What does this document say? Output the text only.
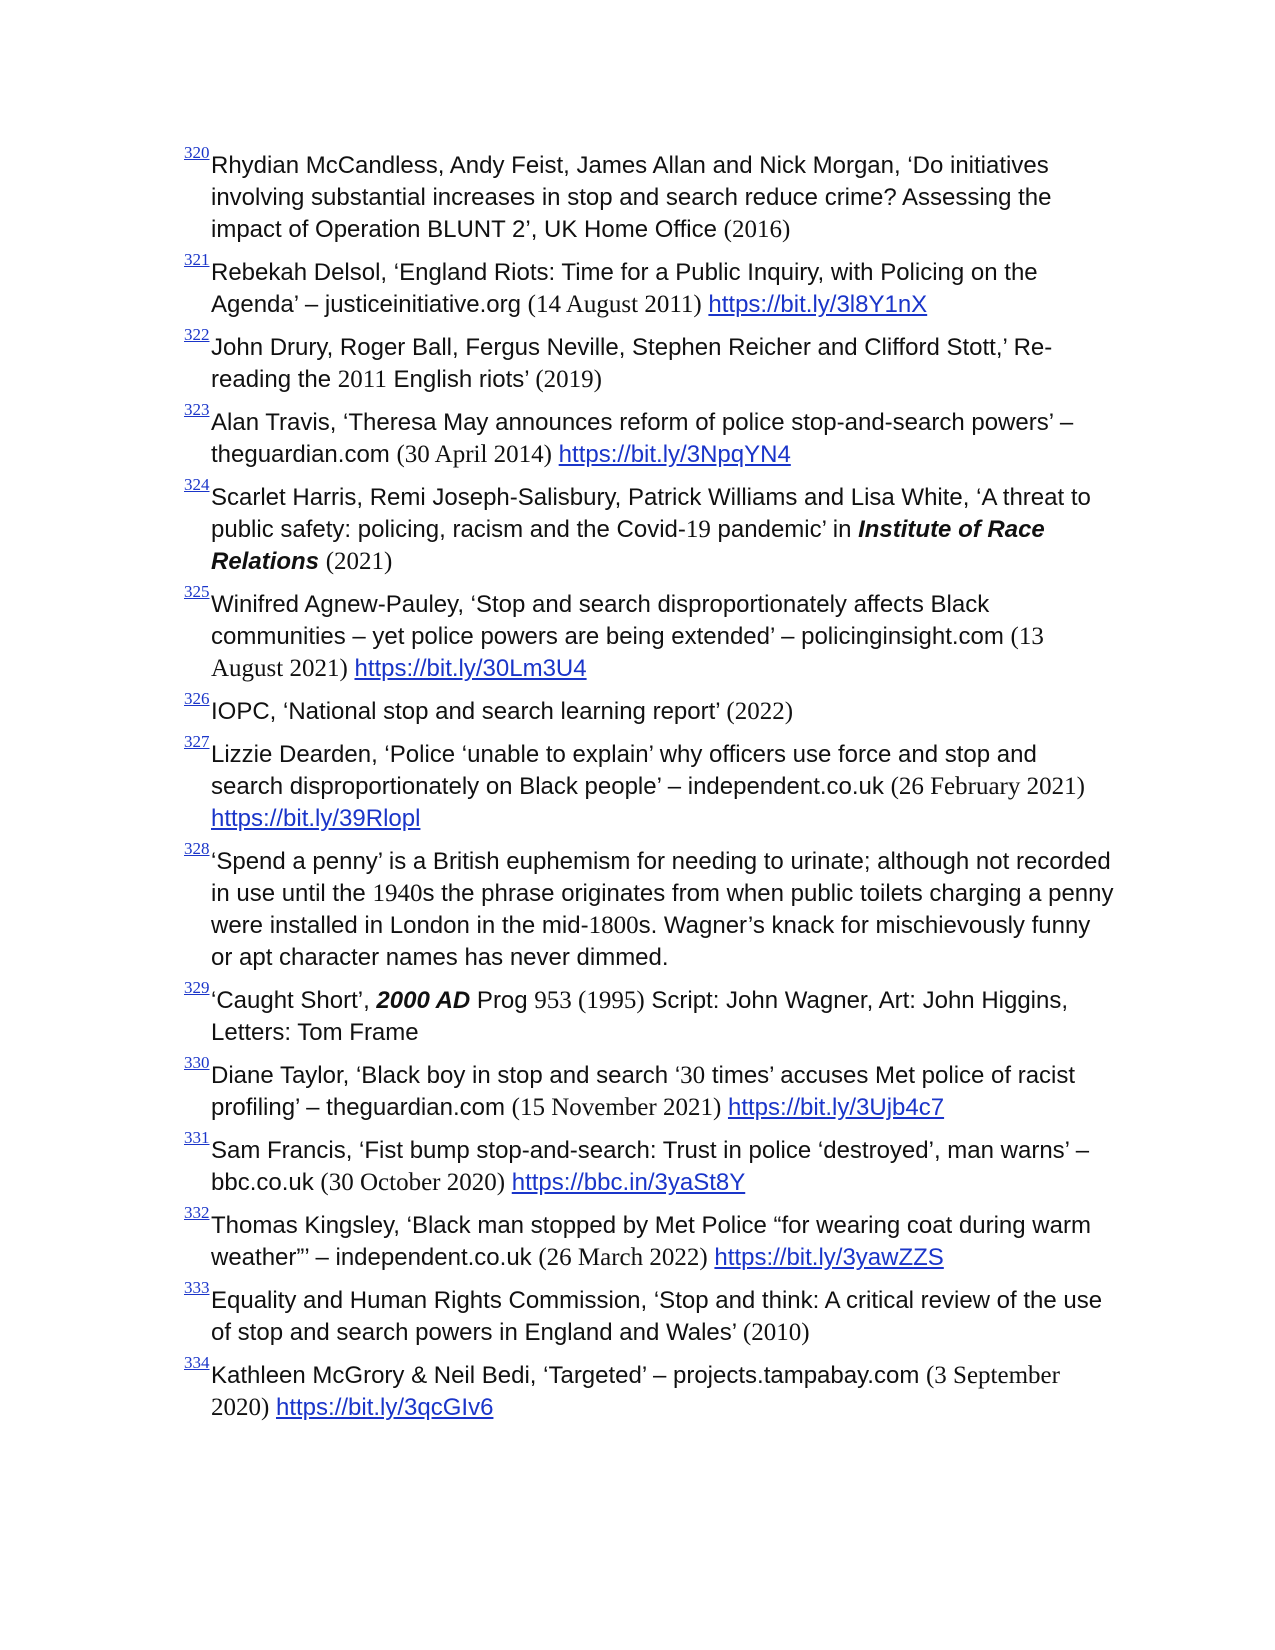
320 Rhydian McCandless, Andy Feist, James Allan and Nick Morgan, ‘Do initiatives involving substantial increases in stop and search reduce crime? Assessing the impact of Operation BLUNT 2’, UK Home Office (2016)
321 Rebekah Delsol, ‘England Riots: Time for a Public Inquiry, with Policing on the Agenda’ – justiceinitiative.org (14 August 2011) https://bit.ly/3l8Y1nX
322 John Drury, Roger Ball, Fergus Neville, Stephen Reicher and Clifford Stott,’ Re-reading the 2011 English riots’ (2019)
323 Alan Travis, ‘Theresa May announces reform of police stop-and-search powers’ – theguardian.com (30 April 2014) https://bit.ly/3NpqYN4
324 Scarlet Harris, Remi Joseph-Salisbury, Patrick Williams and Lisa White, ‘A threat to public safety: policing, racism and the Covid-19 pandemic’ in Institute of Race Relations (2021)
325 Winifred Agnew-Pauley, ‘Stop and search disproportionately affects Black communities – yet police powers are being extended’ – policinginsight.com (13 August 2021) https://bit.ly/30Lm3U4
326 IOPC, ‘National stop and search learning report’ (2022)
327 Lizzie Dearden, ‘Police ‘unable to explain’ why officers use force and stop and search disproportionately on Black people’ – independent.co.uk (26 February 2021) https://bit.ly/39Rlopl
328 ‘Spend a penny’ is a British euphemism for needing to urinate; although not recorded in use until the 1940s the phrase originates from when public toilets charging a penny were installed in London in the mid-1800s. Wagner’s knack for mischievously funny or apt character names has never dimmed.
329 ‘Caught Short’, 2000 AD Prog 953 (1995) Script: John Wagner, Art: John Higgins, Letters: Tom Frame
330 Diane Taylor, ‘Black boy in stop and search ‘30 times’ accuses Met police of racist profiling’ – theguardian.com (15 November 2021) https://bit.ly/3Ujb4c7
331 Sam Francis, ‘Fist bump stop-and-search: Trust in police ‘destroyed’, man warns’ – bbc.co.uk (30 October 2020) https://bbc.in/3yaSt8Y
332 Thomas Kingsley, ‘Black man stopped by Met Police “for wearing coat during warm weather”’ – independent.co.uk (26 March 2022) https://bit.ly/3yawZZS
333 Equality and Human Rights Commission, ‘Stop and think: A critical review of the use of stop and search powers in England and Wales’ (2010)
334 Kathleen McGrory & Neil Bedi, ‘Targeted’ – projects.tampabay.com (3 September 2020) https://bit.ly/3qcGIv6
